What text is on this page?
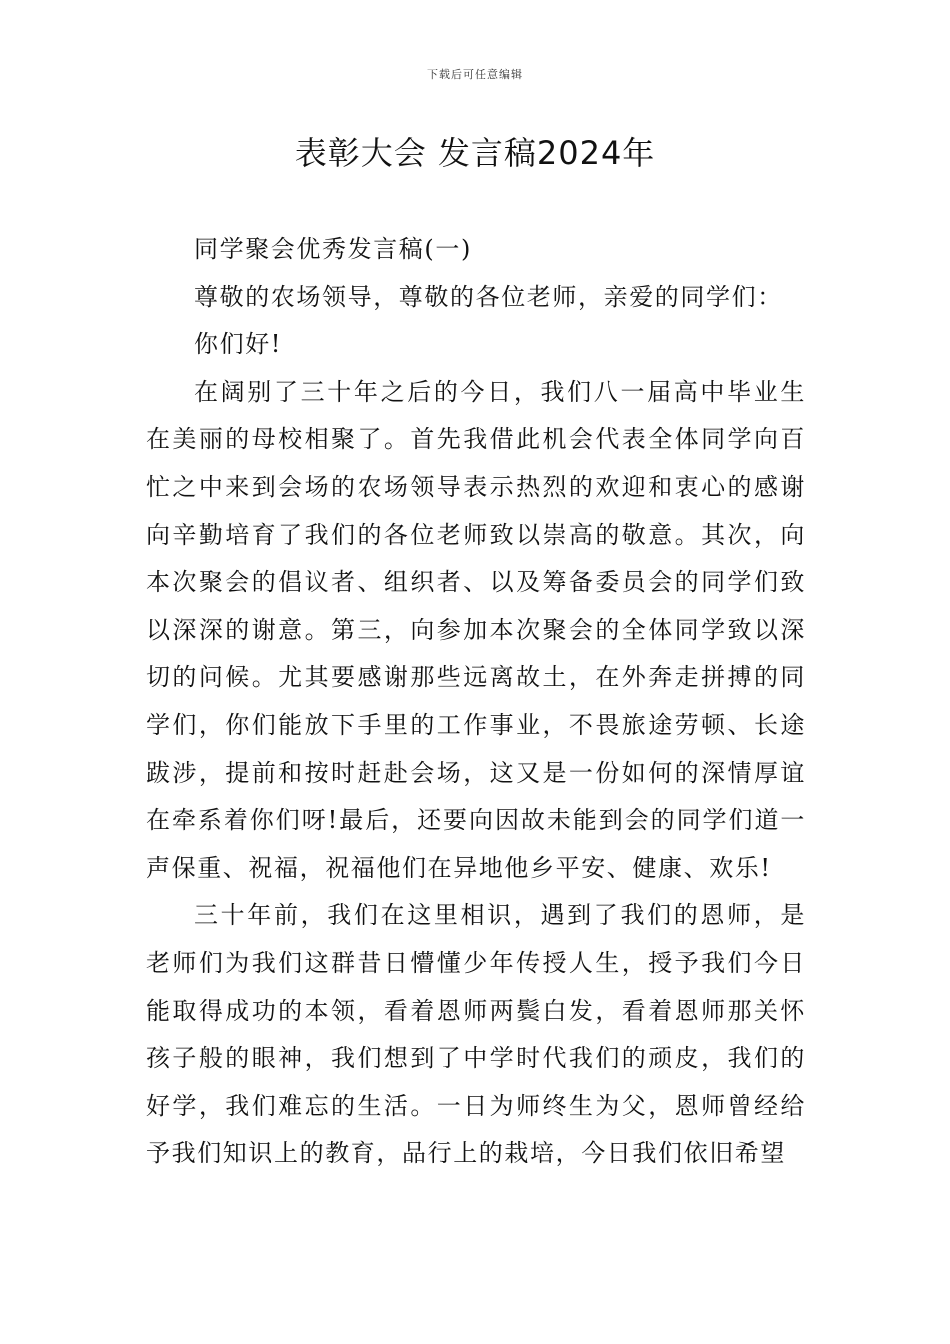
下载后可任意编辑
表彰大会 发言稿2024年

同学聚会优秀发言稿(一)

尊敬的农场领导，尊敬的各位老师，亲爱的同学们：

你们好!

在阔别了三十年之后的今日，我们八一届高中毕业生在美丽的母校相聚了。首先我借此机会代表全体同学向百忙之中来到会场的农场领导表示热烈的欢迎和衷心的感谢向辛勤培育了我们的各位老师致以崇高的敬意。其次，向本次聚会的倡议者、组织者、以及筹备委员会的同学们致以深深的谢意。第三，向参加本次聚会的全体同学致以深切的问候。尤其要感谢那些远离故土，在外奔走拼搏的同学们，你们能放下手里的工作事业，不畏旅途劳顿、长途跋涉，提前和按时赶赴会场，这又是一份如何的深情厚谊在牵系着你们呀!最后，还要向因故未能到会的同学们道一声保重、祝福，祝福他们在异地他乡平安、健康、欢乐!

三十年前，我们在这里相识，遇到了我们的恩师，是老师们为我们这群昔日懵懂少年传授人生，授予我们今日能取得成功的本领，看着恩师两鬓白发，看着恩师那关怀孩子般的眼神，我们想到了中学时代我们的顽皮，我们的好学，我们难忘的生活。一日为师终生为父，恩师曾经给予我们知识上的教育，品行上的栽培，今日我们依旧希望
